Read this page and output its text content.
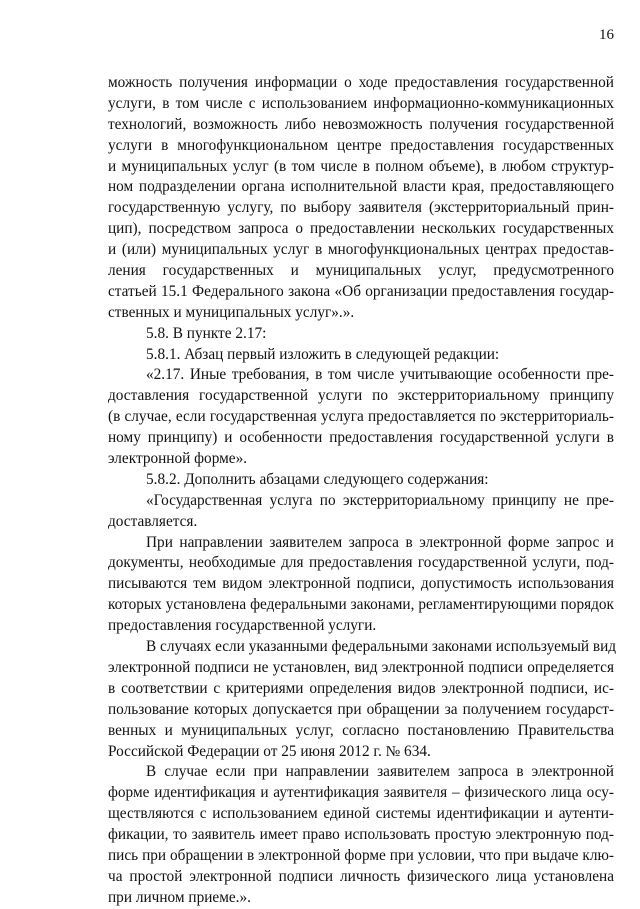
16
можность получения информации о ходе предоставления государственной
услуги, в том числе с использованием информационно-коммуникационных
технологий, возможность либо невозможность получения государственной
услуги в многофункциональном центре предоставления государственных
и муниципальных услуг (в том числе в полном объеме), в любом структур-
ном подразделении органа исполнительной власти края, предоставляющего
государственную услугу, по выбору заявителя (экстерриториальный прин-
цип), посредством запроса о предоставлении нескольких государственных
и (или) муниципальных услуг в многофункциональных центрах предостав-
ления государственных и муниципальных услуг, предусмотренного
статьей 15.1 Федерального закона «Об организации предоставления государ-
ственных и муниципальных услуг».».
5.8. В пункте 2.17:
5.8.1. Абзац первый изложить в следующей редакции:
«2.17. Иные требования, в том числе учитывающие особенности пре-
доставления государственной услуги по экстерриториальному принципу
(в случае, если государственная услуга предоставляется по экстерриториаль-
ному принципу) и особенности предоставления государственной услуги в
электронной форме».
5.8.2. Дополнить абзацами следующего содержания:
«Государственная услуга по экстерриториальному принципу не пре-
доставляется.
При направлении заявителем запроса в электронной форме запрос и
документы, необходимые для предоставления государственной услуги, под-
писываются тем видом электронной подписи, допустимость использования
которых установлена федеральными законами, регламентирующими порядок
предоставления государственной услуги.
В случаях если указанными федеральными законами используемый вид
электронной подписи не установлен, вид электронной подписи определяется
в соответствии с критериями определения видов электронной подписи, ис-
пользование которых допускается при обращении за получением государст-
венных и муниципальных услуг, согласно постановлению Правительства
Российской Федерации от 25 июня 2012 г. № 634.
В случае если при направлении заявителем запроса в электронной
форме идентификация и аутентификация заявителя – физического лица осу-
ществляются с использованием единой системы идентификации и аутенти-
фикации, то заявитель имеет право использовать простую электронную под-
пись при обращении в электронной форме при условии, что при выдаче клю-
ча простой электронной подписи личность физического лица установлена
при личном приеме.».
